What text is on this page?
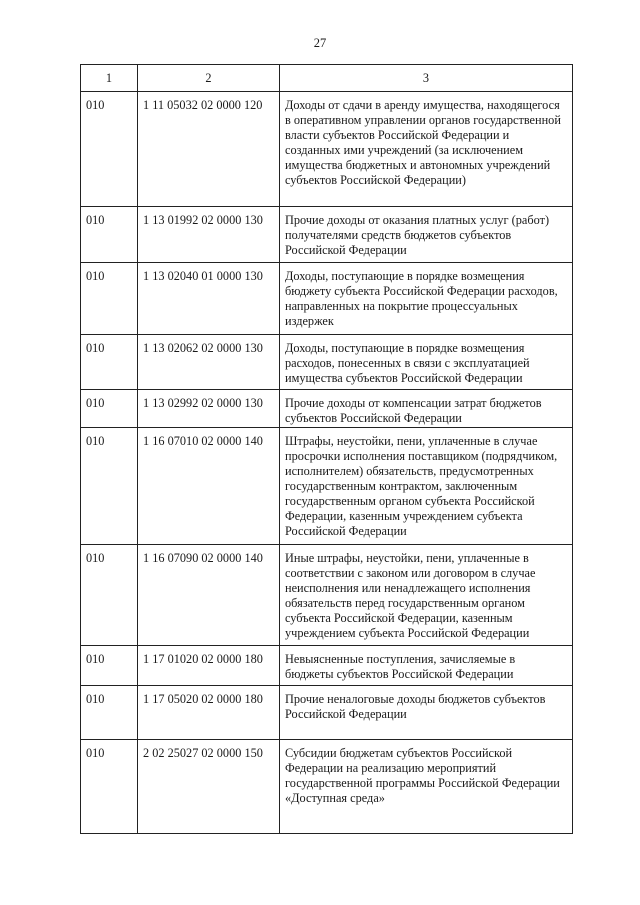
27
1	2	3
010	1 11 05032 02 0000 120	Доходы от сдачи в аренду имущества, находящегося в оперативном управлении органов государственной власти субъектов Российской Федерации и созданных ими учреждений (за исключением имущества бюджетных и автономных учреждений субъектов Российской Федерации)
010	1 13 01992 02 0000 130	Прочие доходы от оказания платных услуг (работ) получателями средств бюджетов субъектов Российской Федерации
010	1 13 02040 01 0000 130	Доходы, поступающие в порядке возмещения бюджету субъекта Российской Федерации расходов, направленных на покрытие процессуальных издержек
010	1 13 02062 02 0000 130	Доходы, поступающие в порядке возмещения расходов, понесенных в связи с эксплуатацией имущества субъектов Российской Федерации
010	1 13 02992 02 0000 130	Прочие доходы от компенсации затрат бюджетов субъектов Российской Федерации
010	1 16 07010 02 0000 140	Штрафы, неустойки, пени, уплаченные в случае просрочки исполнения поставщиком (подрядчиком, исполнителем) обязательств, предусмотренных государственным контрактом, заключенным государственным органом субъекта Российской Федерации, казенным учреждением субъекта Российской Федерации
010	1 16 07090 02 0000 140	Иные штрафы, неустойки, пени, уплаченные в соответствии с законом или договором в случае неисполнения или ненадлежащего исполнения обязательств перед государственным органом субъекта Российской Федерации, казенным учреждением субъекта Российской Федерации
010	1 17 01020 02 0000 180	Невыясненные поступления, зачисляемые в бюджеты субъектов Российской Федерации
010	1 17 05020 02 0000 180	Прочие неналоговые доходы бюджетов субъектов Российской Федерации
010	2 02 25027 02 0000 150	Субсидии бюджетам субъектов Российской Федерации на реализацию мероприятий государственной программы Российской Федерации «Доступная среда»
